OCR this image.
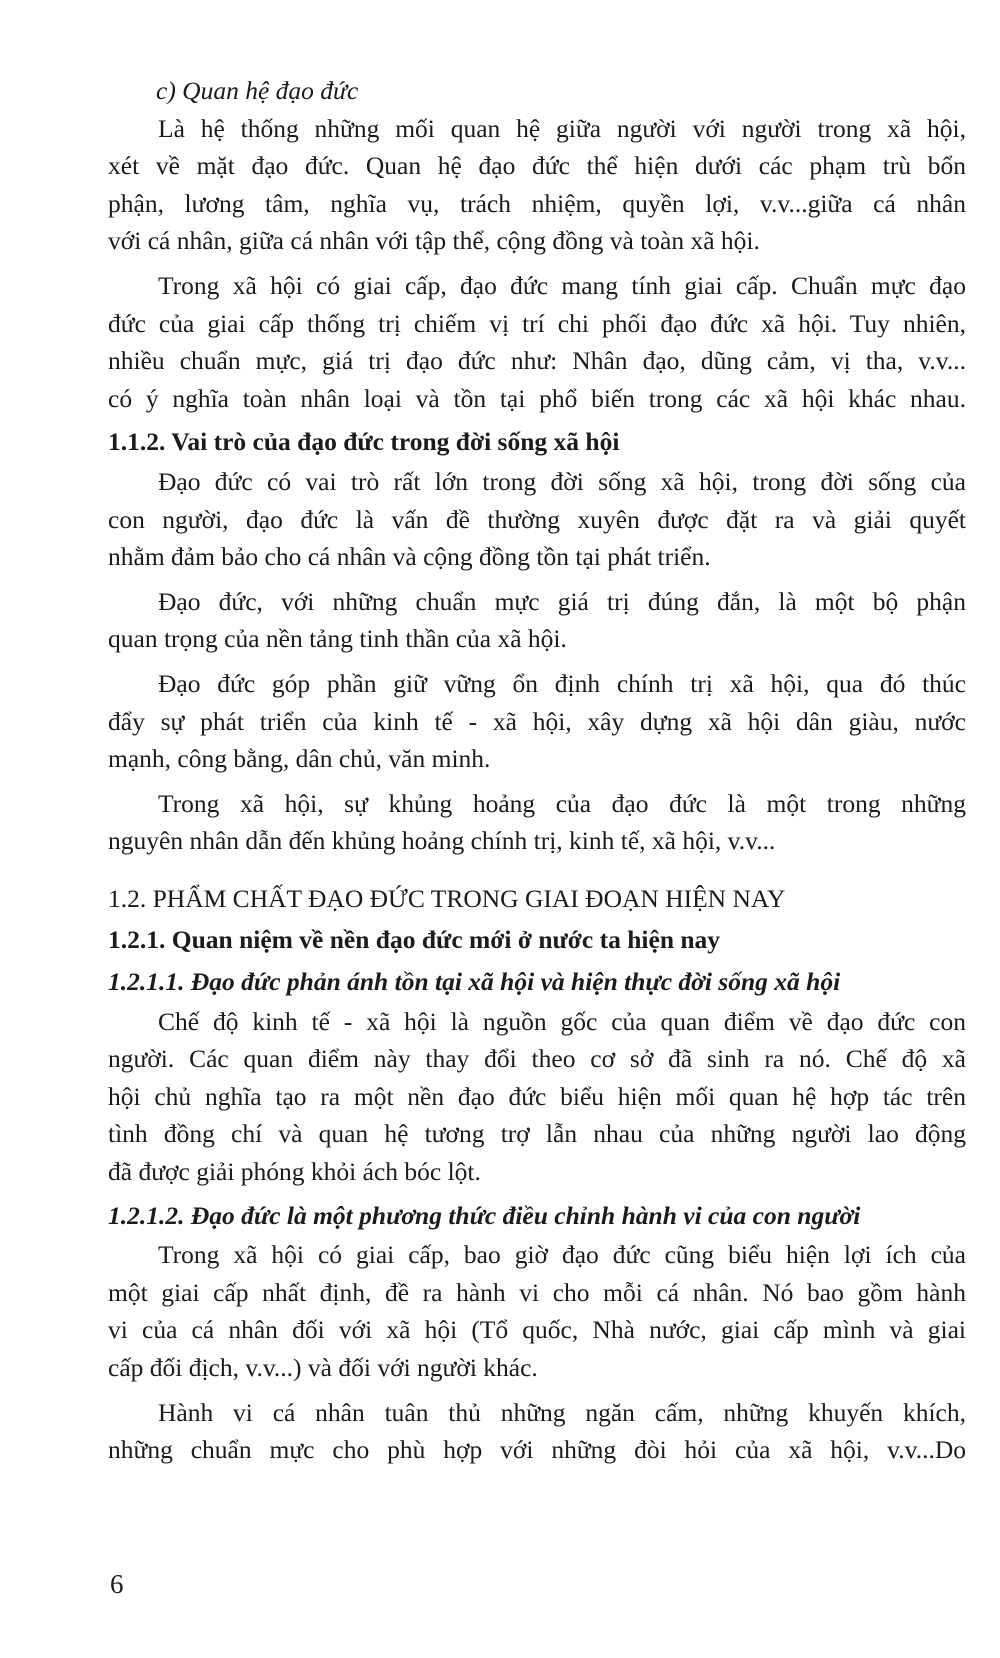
c) Quan hệ đạo đức
Là hệ thống những mối quan hệ giữa người với người trong xã hội,
xét về mặt đạo đức. Quan hệ đạo đức thể hiện dưới các phạm trù bổn
phận, lương tâm, nghĩa vụ, trách nhiệm, quyền lợi, v.v...giữa cá nhân
với cá nhân, giữa cá nhân với tập thể, cộng đồng và toàn xã hội.
Trong xã hội có giai cấp, đạo đức mang tính giai cấp. Chuẩn mực đạo
đức của giai cấp thống trị chiếm vị trí chi phối đạo đức xã hội. Tuy nhiên,
nhiều chuẩn mực, giá trị đạo đức như: Nhân đạo, dũng cảm, vị tha, v.v...
có ý nghĩa toàn nhân loại và tồn tại phổ biến trong các xã hội khác nhau.
1.1.2. Vai trò của đạo đức trong đời sống xã hội
Đạo đức có vai trò rất lớn trong đời sống xã hội, trong đời sống của
con người, đạo đức là vấn đề thường xuyên được đặt ra và giải quyết
nhằm đảm bảo cho cá nhân và cộng đồng tồn tại phát triển.
Đạo đức, với những chuẩn mực giá trị đúng đắn, là một bộ phận
quan trọng của nền tảng tinh thần của xã hội.
Đạo đức góp phần giữ vững ổn định chính trị xã hội, qua đó thúc
đẩy sự phát triển của kinh tế - xã hội, xây dựng xã hội dân giàu, nước
mạnh, công bằng, dân chủ, văn minh.
Trong xã hội, sự khủng hoảng của đạo đức là một trong những
nguyên nhân dẫn đến khủng hoảng chính trị, kinh tế, xã hội, v.v...
1.2. PHẨM CHẤT ĐẠO ĐỨC TRONG GIAI ĐOẠN HIỆN NAY
1.2.1. Quan niệm về nền đạo đức mới ở nước ta hiện nay
1.2.1.1. Đạo đức phản ánh tồn tại xã hội và hiện thực đời sống xã hội
Chế độ kinh tế - xã hội là nguồn gốc của quan điểm về đạo đức con
người. Các quan điểm này thay đổi theo cơ sở đã sinh ra nó. Chế độ xã
hội chủ nghĩa tạo ra một nền đạo đức biểu hiện mối quan hệ hợp tác trên
tình đồng chí và quan hệ tương trợ lẫn nhau của những người lao động
đã được giải phóng khỏi ách bóc lột.
1.2.1.2. Đạo đức là một phương thức điều chỉnh hành vi của con người
Trong xã hội có giai cấp, bao giờ đạo đức cũng biểu hiện lợi ích của
một giai cấp nhất định, đề ra hành vi cho mỗi cá nhân. Nó bao gồm hành
vi của cá nhân đối với xã hội (Tổ quốc, Nhà nước, giai cấp mình và giai
cấp đối địch, v.v...) và đối với người khác.
Hành vi cá nhân tuân thủ những ngăn cấm, những khuyến khích,
những chuẩn mực cho phù hợp với những đòi hỏi của xã hội, v.v...Do
6
